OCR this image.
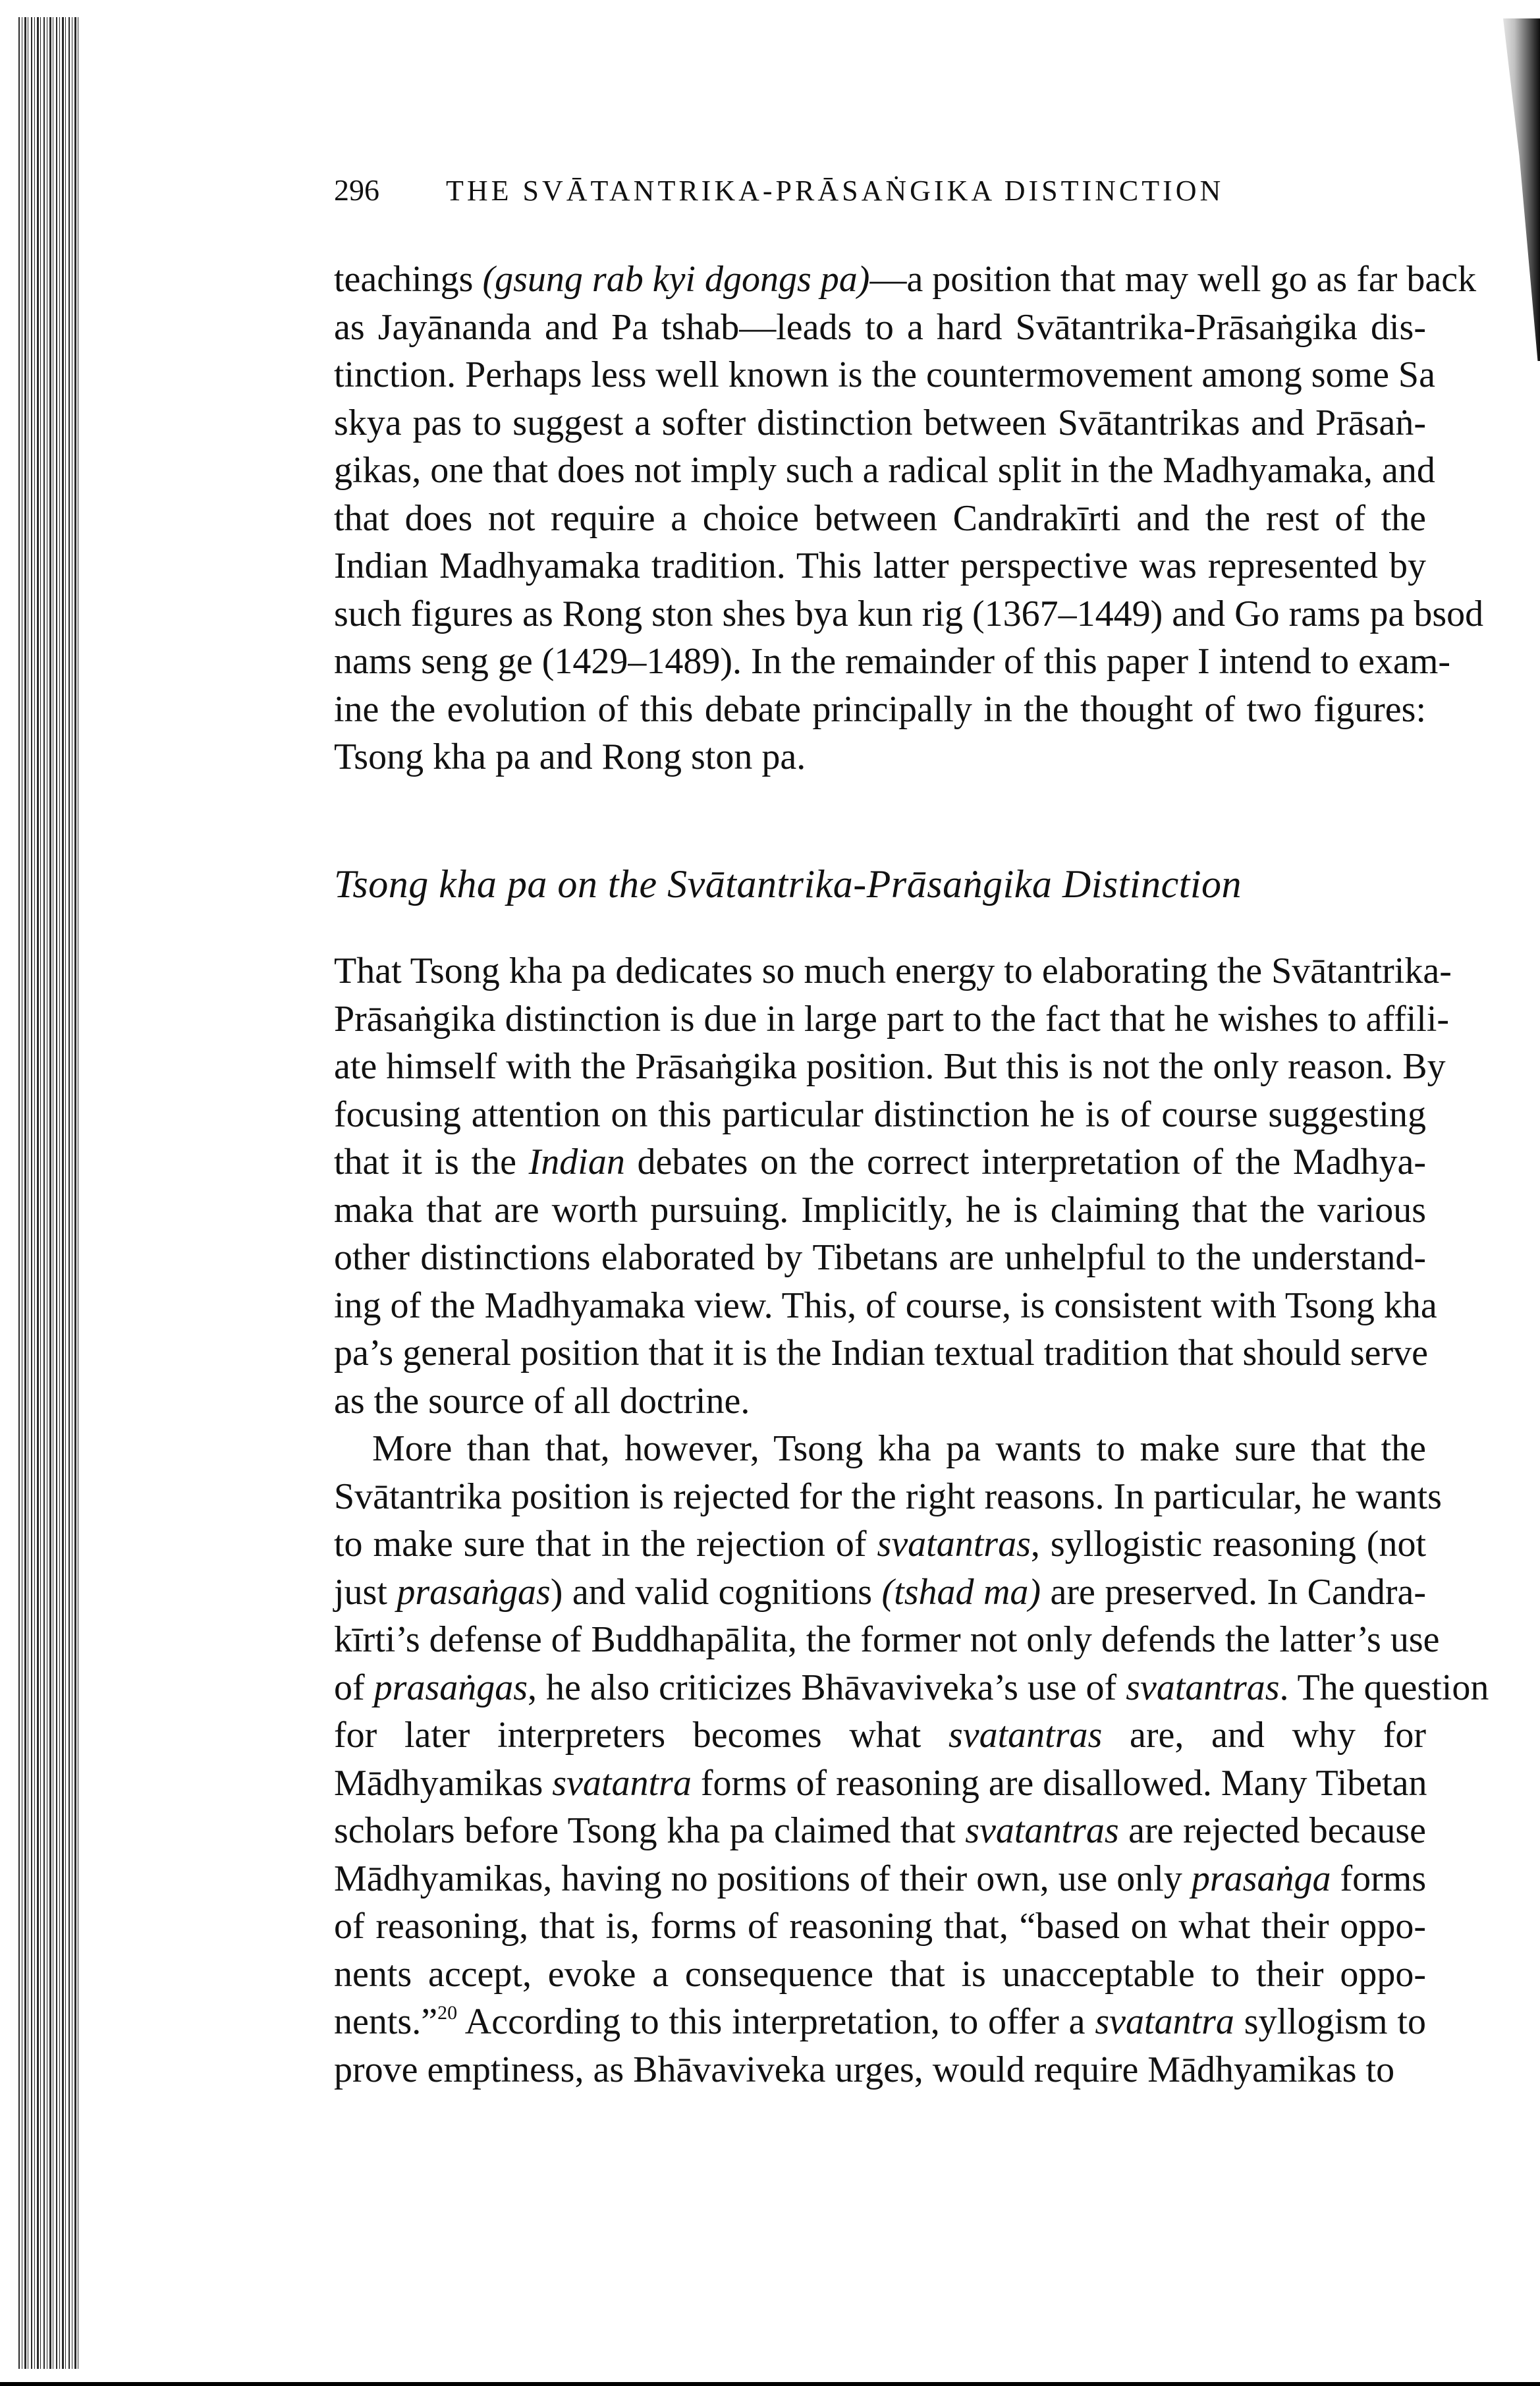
296	THE SVĀTANTRIKA-PRĀSAṄGIKA DISTINCTION

teachings (gsung rab kyi dgongs pa)—a position that may well go as far back
as Jayānanda and Pa tshab—leads to a hard Svātantrika-Prāsaṅgika dis-
tinction. Perhaps less well known is the countermovement among some Sa
skya pas to suggest a softer distinction between Svātantrikas and Prāsaṅ-
gikas, one that does not imply such a radical split in the Madhyamaka, and
that does not require a choice between Candrakīrti and the rest of the
Indian Madhyamaka tradition. This latter perspective was represented by
such figures as Rong ston shes bya kun rig (1367–1449) and Go rams pa bsod
nams seng ge (1429–1489). In the remainder of this paper I intend to exam-
ine the evolution of this debate principally in the thought of two figures:
Tsong kha pa and Rong ston pa.

Tsong kha pa on the Svātantrika-Prāsaṅgika Distinction

That Tsong kha pa dedicates so much energy to elaborating the Svātantrika-
Prāsaṅgika distinction is due in large part to the fact that he wishes to affili-
ate himself with the Prāsaṅgika position. But this is not the only reason. By
focusing attention on this particular distinction he is of course suggesting
that it is the Indian debates on the correct interpretation of the Madhya-
maka that are worth pursuing. Implicitly, he is claiming that the various
other distinctions elaborated by Tibetans are unhelpful to the understand-
ing of the Madhyamaka view. This, of course, is consistent with Tsong kha
pa’s general position that it is the Indian textual tradition that should serve
as the source of all doctrine.

More than that, however, Tsong kha pa wants to make sure that the
Svātantrika position is rejected for the right reasons. In particular, he wants
to make sure that in the rejection of svatantras, syllogistic reasoning (not
just prasaṅgas) and valid cognitions (tshad ma) are preserved. In Candra-
kīrti’s defense of Buddhapālita, the former not only defends the latter’s use
of prasaṅgas, he also criticizes Bhāvaviveka’s use of svatantras. The question
for later interpreters becomes what svatantras are, and why for
Mādhyamikas svatantra forms of reasoning are disallowed. Many Tibetan
scholars before Tsong kha pa claimed that svatantras are rejected because
Mādhyamikas, having no positions of their own, use only prasaṅga forms
of reasoning, that is, forms of reasoning that, “based on what their oppo-
nents accept, evoke a consequence that is unacceptable to their oppo-
nents.”$^{20}$ According to this interpretation, to offer a svatantra syllogism to
prove emptiness, as Bhāvaviveka urges, would require Mādhyamikas to
